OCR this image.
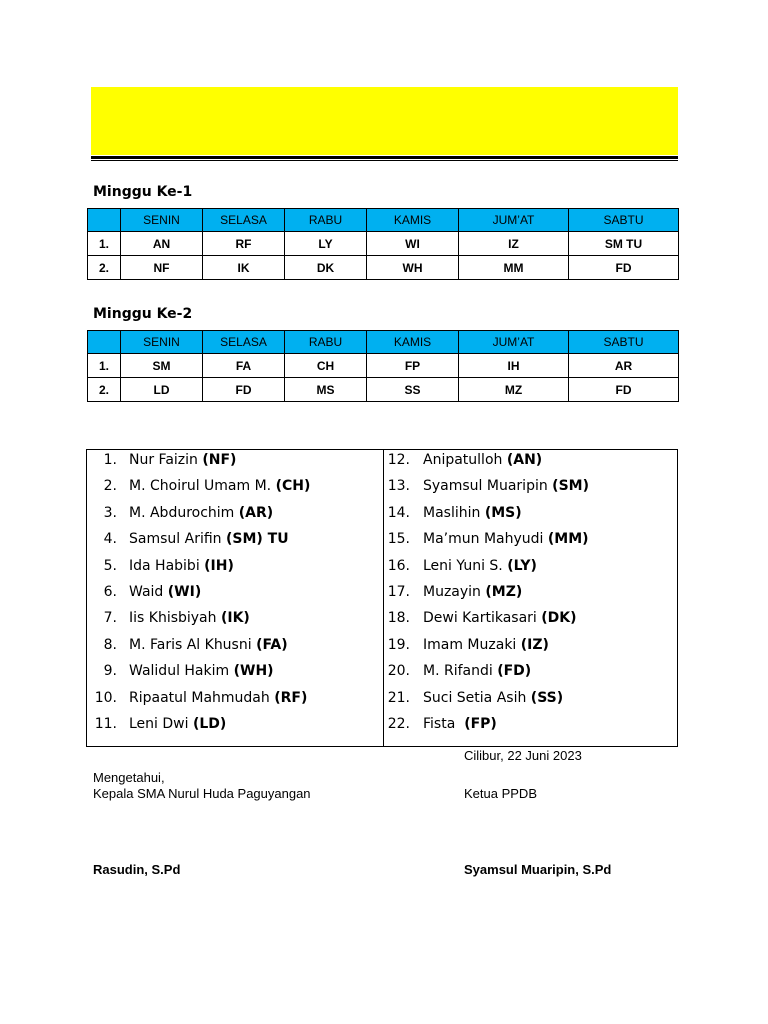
Minggu Ke-1
	SENIN	SELASA	RABU	KAMIS	JUM’AT	SABTU
1.	AN	RF	LY	WI	IZ	SM TU
2.	NF	IK	DK	WH	MM	FD
Minggu Ke-2
	SENIN	SELASA	RABU	KAMIS	JUM’AT	SABTU
1.	SM	FA	CH	FP	IH	AR
2.	LD	FD	MS	SS	MZ	FD
1. Nur Faizin (NF)
2. M. Choirul Umam M. (CH)
3. M. Abdurochim (AR)
4. Samsul Arifin (SM) TU
5. Ida Habibi (IH)
6. Waid (WI)
7. Iis Khisbiyah (IK)
8. M. Faris Al Khusni (FA)
9. Walidul Hakim (WH)
10. Ripaatul Mahmudah (RF)
11. Leni Dwi (LD)
12. Anipatulloh (AN)
13. Syamsul Muaripin (SM)
14. Maslihin (MS)
15. Ma’mun Mahyudi (MM)
16. Leni Yuni S. (LY)
17. Muzayin (MZ)
18. Dewi Kartikasari (DK)
19. Imam Muzaki (IZ)
20. M. Rifandi (FD)
21. Suci Setia Asih (SS)
22. Fista  (FP)

Cilibur, 22 Juni 2023

Mengetahui,

Kepala SMA Nurul Huda Paguyangan	Ketua PPDB

Rasudin, S.Pd	Syamsul Muaripin, S.Pd
